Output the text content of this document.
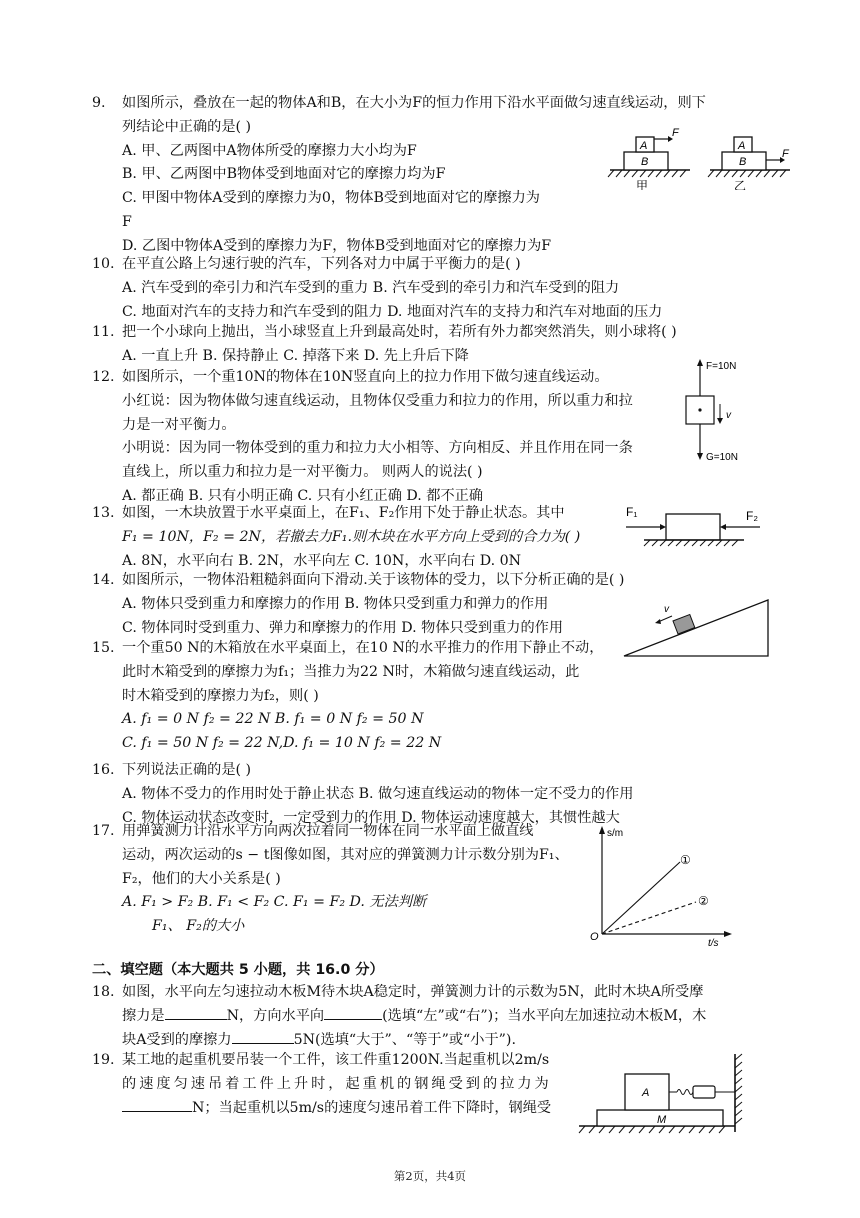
9.	如图所示，叠放在一起的物体A和B，在大小为F的恒力作用下沿水平面做匀速直线运动，则下
列结论中正确的是( )
A. 甲、乙两图中A物体所受的摩擦力大小均为F
B. 甲、乙两图中B物体受到地面对它的摩擦力均为F
C. 甲图中物体A受到的摩擦力为0，物体B受到地面对它的摩擦力为
F
D. 乙图中物体A受到的摩擦力为F，物体B受到地面对它的摩擦力为F
A
B
F
甲
A
B
F
乙
10. 在平直公路上匀速行驶的汽车，下列各对力中属于平衡力的是( )
A. 汽车受到的牵引力和汽车受到的重力 B. 汽车受到的牵引力和汽车受到的阻力
C. 地面对汽车的支持力和汽车受到的阻力 D. 地面对汽车的支持力和汽车对地面的压力
11. 把一个小球向上抛出，当小球竖直上升到最高处时，若所有外力都突然消失，则小球将( )
A. 一直上升 B. 保持静止 C. 掉落下来 D. 先上升后下降
12. 如图所示，一个重10N的物体在10N竖直向上的拉力作用下做匀速直线运动。
小红说：因为物体做匀速直线运动，且物体仅受重力和拉力的作用，所以重力和拉
力是一对平衡力。
小明说：因为同一物体受到的重力和拉力大小相等、方向相反、并且作用在同一条
直线上，所以重力和拉力是一对平衡力。 则两人的说法( )
A. 都正确 B. 只有小明正确 C. 只有小红正确 D. 都不正确
F=10N
v
G=10N
13. 如图，一木块放置于水平桌面上，在F₁、F₂作用下处于静止状态。其中
F₁ = 10N，F₂ = 2N，若撤去力F₁.则木块在水平方向上受到的合力为( )
A. 8N，水平向右 B. 2N，水平向左 C. 10N，水平向右 D. 0N
F₁	F₂
14. 如图所示，一物体沿粗糙斜面向下滑动.关于该物体的受力，以下分析正确的是( )
A. 物体只受到重力和摩擦力的作用 B. 物体只受到重力和弹力的作用
C. 物体同时受到重力、弹力和摩擦力的作用 D. 物体只受到重力的作用
v
15. 一个重50 N的木箱放在水平桌面上，在10 N的水平推力的作用下静止不动，
此时木箱受到的摩擦力为f₁；当推力为22 N时，木箱做匀速直线运动，此
时木箱受到的摩擦力为f₂，则( )
A. f₁ = 0 N f₂ = 22 N B. f₁ = 0 N f₂ = 50 N
C. f₁ = 50 N f₂ = 22 N,D. f₁ = 10 N f₂ = 22 N
16. 下列说法正确的是( )
A. 物体不受力的作用时处于静止状态 B. 做匀速直线运动的物体一定不受力的作用
C. 物体运动状态改变时，一定受到力的作用 D. 物体运动速度越大，其惯性越大
17. 用弹簧测力计沿水平方向两次拉着同一物体在同一水平面上做直线
运动，两次运动的s − t图像如图，其对应的弹簧测力计示数分别为F₁、
F₂，他们的大小关系是( )
A. F₁ > F₂ B. F₁ < F₂ C. F₁ = F₂ D. 无法判断
F₁、 F₂的大小
s/m
t/s
O
①
②
二、填空题（本大题共 5 小题，共 16.0 分）
18. 如图，水平向左匀速拉动木板M待木块A稳定时，弹簧测力计的示数为5N，此时木块A所受摩
擦力是	N，方向水平向	(选填“左”或“右”)；当水平向左加速拉动木板M，木
块A受到的摩擦力	5N(选填“大于”、“等于”或“小于”).
19. 某工地的起重机要吊装一个工件，该工件重1200N.当起重机以2m/s
的速度匀速吊着工件上升时，起重机的钢绳受到的拉力为
N；当起重机以5m/s的速度匀速吊着工件下降时，钢绳受
M
A
第2页，共4页
